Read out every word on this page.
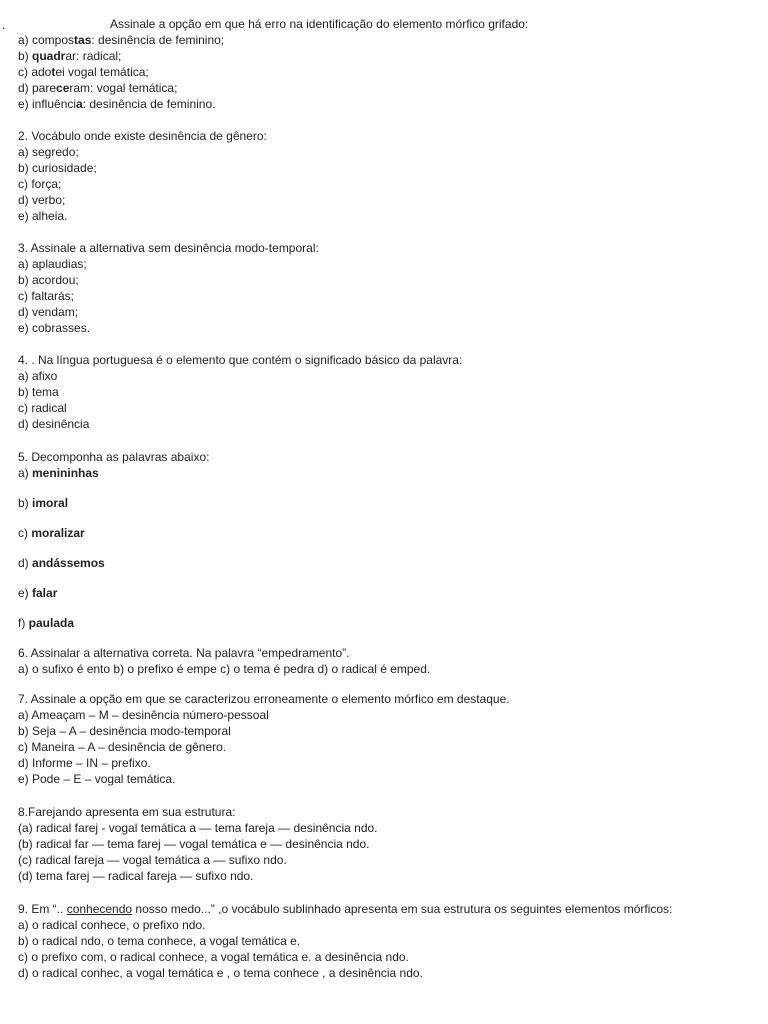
.	Assinale a opção em que há erro na identificação do elemento mórfico grifado:
a) compostas: desinência de feminino;
b) quadrar: radical;
c) adotei vogal temática;
d) pareceram: vogal temática;
e) influência: desinência de feminino.
2. Vocábulo onde existe desinência de gênero:
a) segredo;
b) curiosidade;
c) força;
d) verbo;
e) alheia.
3. Assinale a alternativa sem desinência modo-temporal:
a) aplaudias;
b) acordou;
c) faltarás;
d) vendam;
e) cobrasses.
4. . Na língua portuguesa é o elemento que contém o significado básico da palavra:
a) afixo
b) tema
c) radical
d) desinência
5. Decomponha as palavras abaixo:
a) menininhas
b) imoral
c) moralizar
d) andássemos
e) falar
f) paulada
6. Assinalar a alternativa correta. Na palavra “empedramento”.
a) o sufixo é ento b) o prefixo é empe c) o tema é pedra d) o radical é emped.
7. Assinale a opção em que se caracterizou erroneamente o elemento mórfico em destaque.
a) Ameaçam – M – desinência número-pessoal
b) Seja – A – desinência modo-temporal
c) Maneira – A – desinência de gênero.
d) Informe – IN – prefixo.
e) Pode – E – vogal temática.
8.Farejando apresenta em sua estrutura:
(a) radical farej - vogal temática a — tema fareja — desinência ndo.
(b) radical far — tema farej — vogal temática e — desinência ndo.
(c) radical fareja — vogal temática a — sufixo ndo.
(d) tema farej — radical fareja — sufixo ndo.
9. Em “.. conhecendo nosso medo...” ,o vocábulo sublinhado apresenta em sua estrutura os seguintes elementos mórficos:
a) o radical conhece, o prefixo ndo.
b) o radical ndo, o tema conhece, a vogal temática e.
c) o prefixo com, o radical conhece, a vogal temática e. a desinência ndo.
d) o radical conhec, a vogal temática e , o tema conhece , a desinência ndo.
